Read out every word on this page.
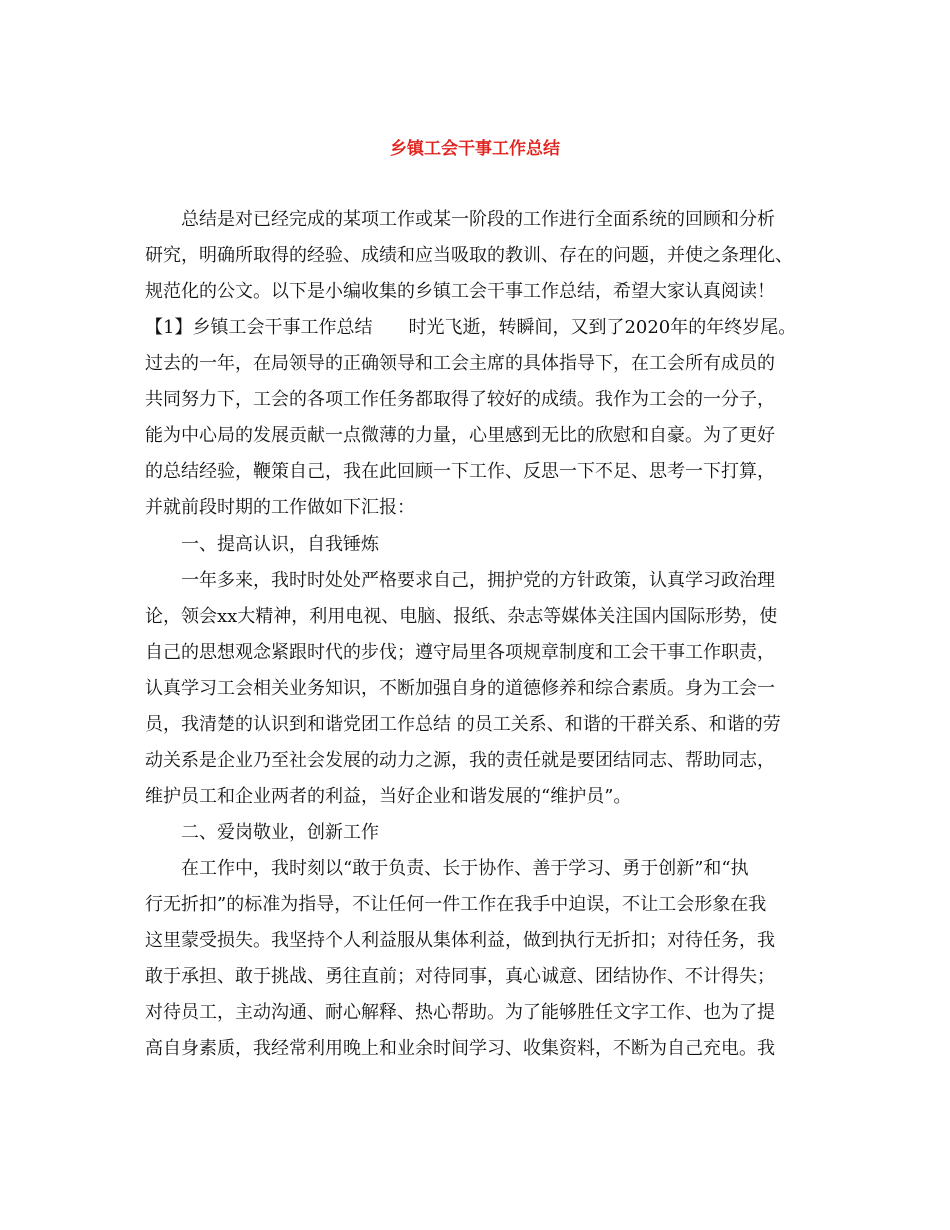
乡镇工会干事工作总结
总结是对已经完成的某项工作或某一阶段的工作进行全面系统的回顾和分析
研究，明确所取得的经验、成绩和应当吸取的教训、存在的问题，并使之条理化、
规范化的公文。以下是小编收集的乡镇工会干事工作总结，希望大家认真阅读！
【1】乡镇工会干事工作总结　　时光飞逝，转瞬间，又到了2020年的年终岁尾。
过去的一年，在局领导的正确领导和工会主席的具体指导下，在工会所有成员的
共同努力下，工会的各项工作任务都取得了较好的成绩。我作为工会的一分子，
能为中心局的发展贡献一点微薄的力量，心里感到无比的欣慰和自豪。为了更好
的总结经验，鞭策自己，我在此回顾一下工作、反思一下不足、思考一下打算，
并就前段时期的工作做如下汇报：
一、提高认识，自我锤炼
一年多来，我时时处处严格要求自己，拥护党的方针政策，认真学习政治理
论，领会xx大精神，利用电视、电脑、报纸、杂志等媒体关注国内国际形势，使
自己的思想观念紧跟时代的步伐；遵守局里各项规章制度和工会干事工作职责，
认真学习工会相关业务知识，不断加强自身的道德修养和综合素质。身为工会一
员，我清楚的认识到和谐党团工作总结 的员工关系、和谐的干群关系、和谐的劳
动关系是企业乃至社会发展的动力之源，我的责任就是要团结同志、帮助同志，
维护员工和企业两者的利益，当好企业和谐发展的“维护员”。
二、爱岗敬业，创新工作
在工作中，我时刻以“敢于负责、长于协作、善于学习、勇于创新”和“执
行无折扣”的标准为指导，不让任何一件工作在我手中迫误，不让工会形象在我
这里蒙受损失。我坚持个人利益服从集体利益，做到执行无折扣；对待任务，我
敢于承担、敢于挑战、勇往直前；对待同事，真心诚意、团结协作、不计得失；
对待员工，主动沟通、耐心解释、热心帮助。为了能够胜任文字工作、也为了提
高自身素质，我经常利用晚上和业余时间学习、收集资料，不断为自己充电。我
